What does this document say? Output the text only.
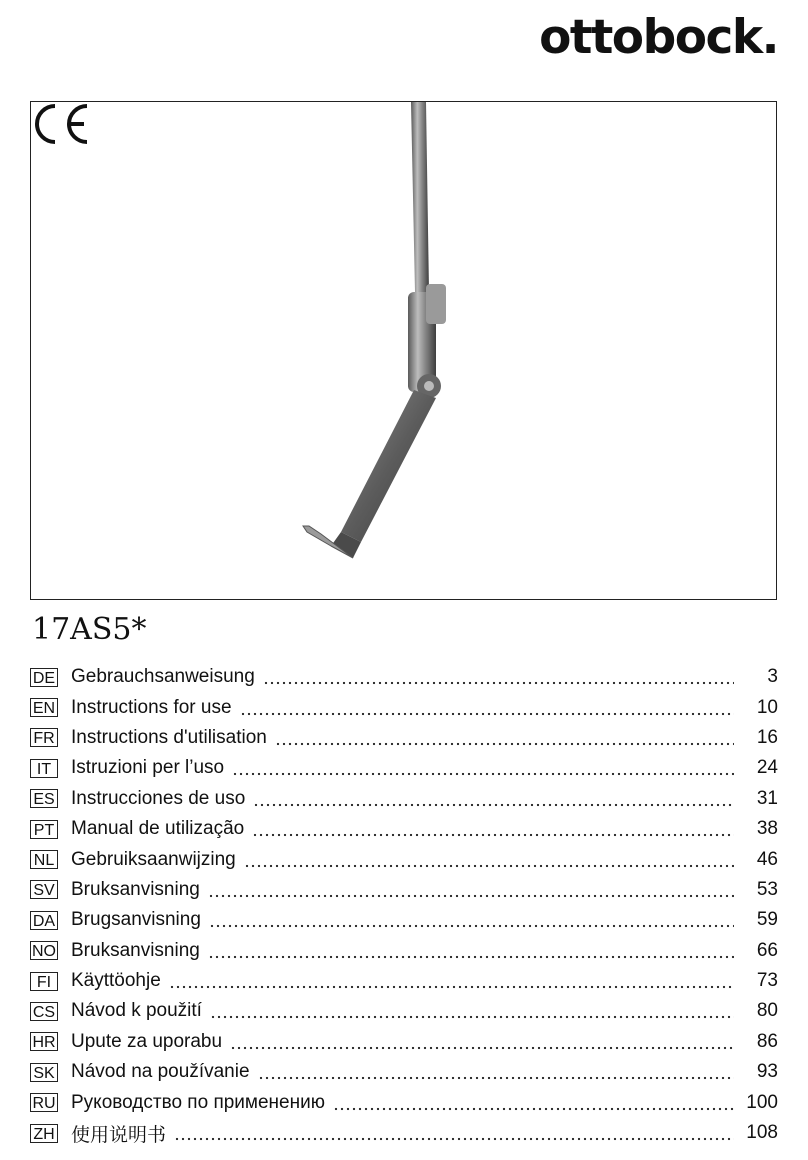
ottobock.
17AS5*
DE Gebrauchsanweisung	3
EN Instructions for use	10
FR Instructions d'utilisation	16
IT	Istruzioni per l’uso	24
ES Instrucciones de uso	31
PT Manual de utilização	38
NL Gebruiksaanwijzing	46
SV Bruksanvisning	53
DA Brugsanvisning	59
NO Bruksanvisning	66
FI	Käyttöohje	73
CS Návod k použití	80
HR Upute za uporabu	86
SK Návod na používanie	93
RU Руководство по применению	100
ZH 使用说明书	108
